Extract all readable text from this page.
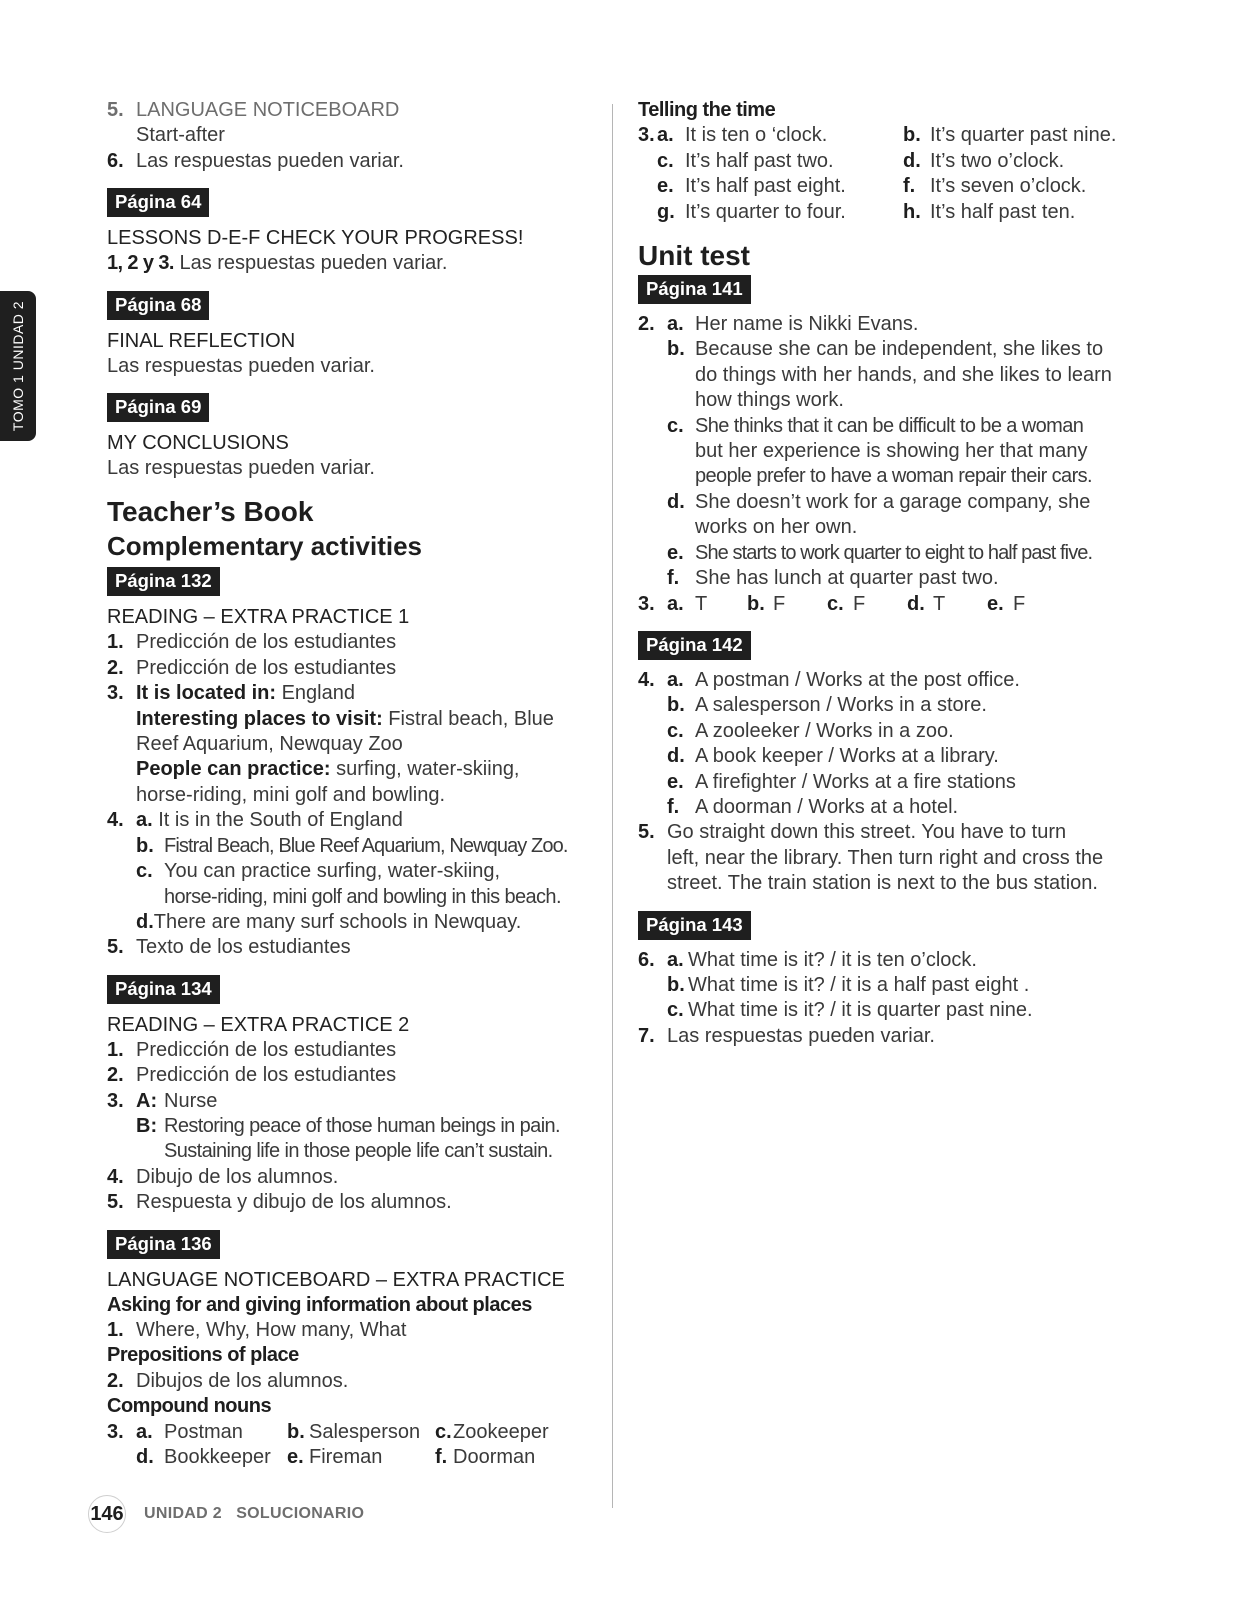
TOMO 1 UNIDAD 2
5. LANGUAGE NOTICEBOARD
Start-after
6. Las respuestas pueden variar.
Página 64
LESSONS D-E-F CHECK YOUR PROGRESS!
1, 2 y 3. Las respuestas pueden variar.
Página 68
FINAL REFLECTION
Las respuestas pueden variar.
Página 69
MY CONCLUSIONS
Las respuestas pueden variar.
Teacher’s Book
Complementary activities
Página 132
READING – EXTRA PRACTICE 1
1. Predicción de los estudiantes
2. Predicción de los estudiantes
3. It is located in: England
Interesting places to visit: Fistral beach, Blue
Reef Aquarium, Newquay Zoo
People can practice: surfing, water-skiing,
horse-riding, mini golf and bowling.
4. a. It is in the South of England
b. Fistral Beach, Blue Reef Aquarium, Newquay Zoo.
c. You can practice surfing, water-skiing,
horse-riding, mini golf and bowling in this beach.
d.There are many surf schools in Newquay.
5. Texto de los estudiantes
Página 134
READING – EXTRA PRACTICE 2
1. Predicción de los estudiantes
2. Predicción de los estudiantes
3. A: Nurse
B: Restoring peace of those human beings in pain.
Sustaining life in those people life can’t sustain.
4. Dibujo de los alumnos.
5. Respuesta y dibujo de los alumnos.
Página 136
LANGUAGE NOTICEBOARD – EXTRA PRACTICE
Asking for and giving information about places
1. Where, Why, How many, What
Prepositions of place
2. Dibujos de los alumnos.
Compound nouns
3. a. Postman	b. Salesperson c.Zookeeper
d. Bookkeeper e. Fireman	f. Doorman
Telling the time
3. a. It is ten o ‘clock.	b. It’s quarter past nine.
c. It’s half past two.	d. It’s two o’clock.
e. It’s half past eight.	f. It’s seven o’clock.
g. It’s quarter to four.	h. It’s half past ten.
Unit test
Página 141
2. a. Her name is Nikki Evans.
b. Because she can be independent, she likes to
do things with her hands, and she likes to learn
how things work.
c. She thinks that it can be difficult to be a woman
but her experience is showing her that many
people prefer to have a woman repair their cars.
d. She doesn’t work for a garage company, she
works on her own.
e. She starts to work quarter to eight to half past five.
f. She has lunch at quarter past two.
3. a. T b. F c. F d. T e. F
Página 142
4. a. A postman / Works at the post office.
b. A salesperson / Works in a store.
c. A zooleeker / Works in a zoo.
d. A book keeper / Works at a library.
e. A firefighter / Works at a fire stations
f. A doorman / Works at a hotel.
5. Go straight down this street. You have to turn
left, near the library. Then turn right and cross the
street. The train station is next to the bus station.
Página 143
6. a. What time is it? / it is ten o’clock.
b. What time is it? / it is a half past eight .
c. What time is it? / it is quarter past nine.
7. Las respuestas pueden variar.
146 UNIDAD 2   SOLUCIONARIO
